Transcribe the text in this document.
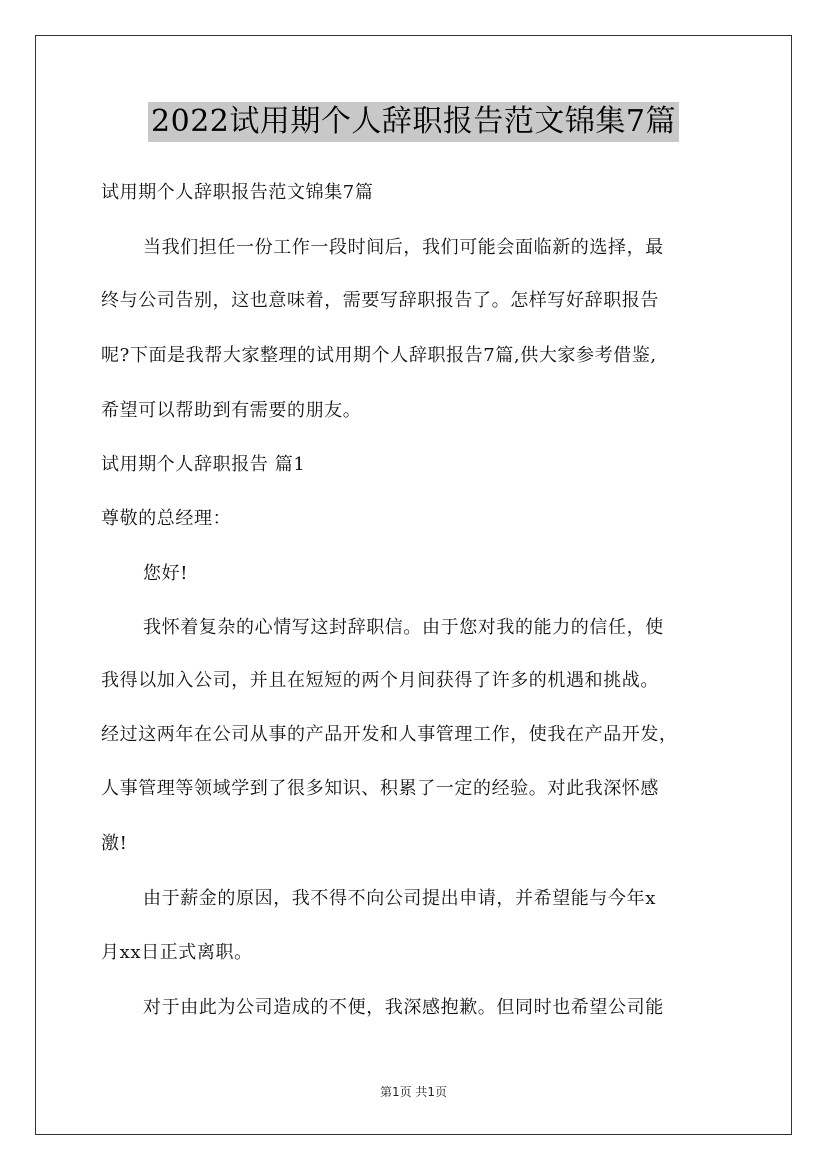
2022试用期个人辞职报告范文锦集7篇
试用期个人辞职报告范文锦集7篇
当我们担任一份工作一段时间后，我们可能会面临新的选择，最
终与公司告别，这也意味着，需要写辞职报告了。怎样写好辞职报告
呢?下面是我帮大家整理的试用期个人辞职报告7篇,供大家参考借鉴,
希望可以帮助到有需要的朋友。
试用期个人辞职报告 篇1
尊敬的总经理：
您好!
我怀着复杂的心情写这封辞职信。由于您对我的能力的信任，使
我得以加入公司，并且在短短的两个月间获得了许多的机遇和挑战。
经过这两年在公司从事的产品开发和人事管理工作，使我在产品开发，
人事管理等领域学到了很多知识、积累了一定的经验。对此我深怀感
激!
由于薪金的原因，我不得不向公司提出申请，并希望能与今年x
月xx日正式离职。
对于由此为公司造成的不便，我深感抱歉。但同时也希望公司能
第1页 共1页
